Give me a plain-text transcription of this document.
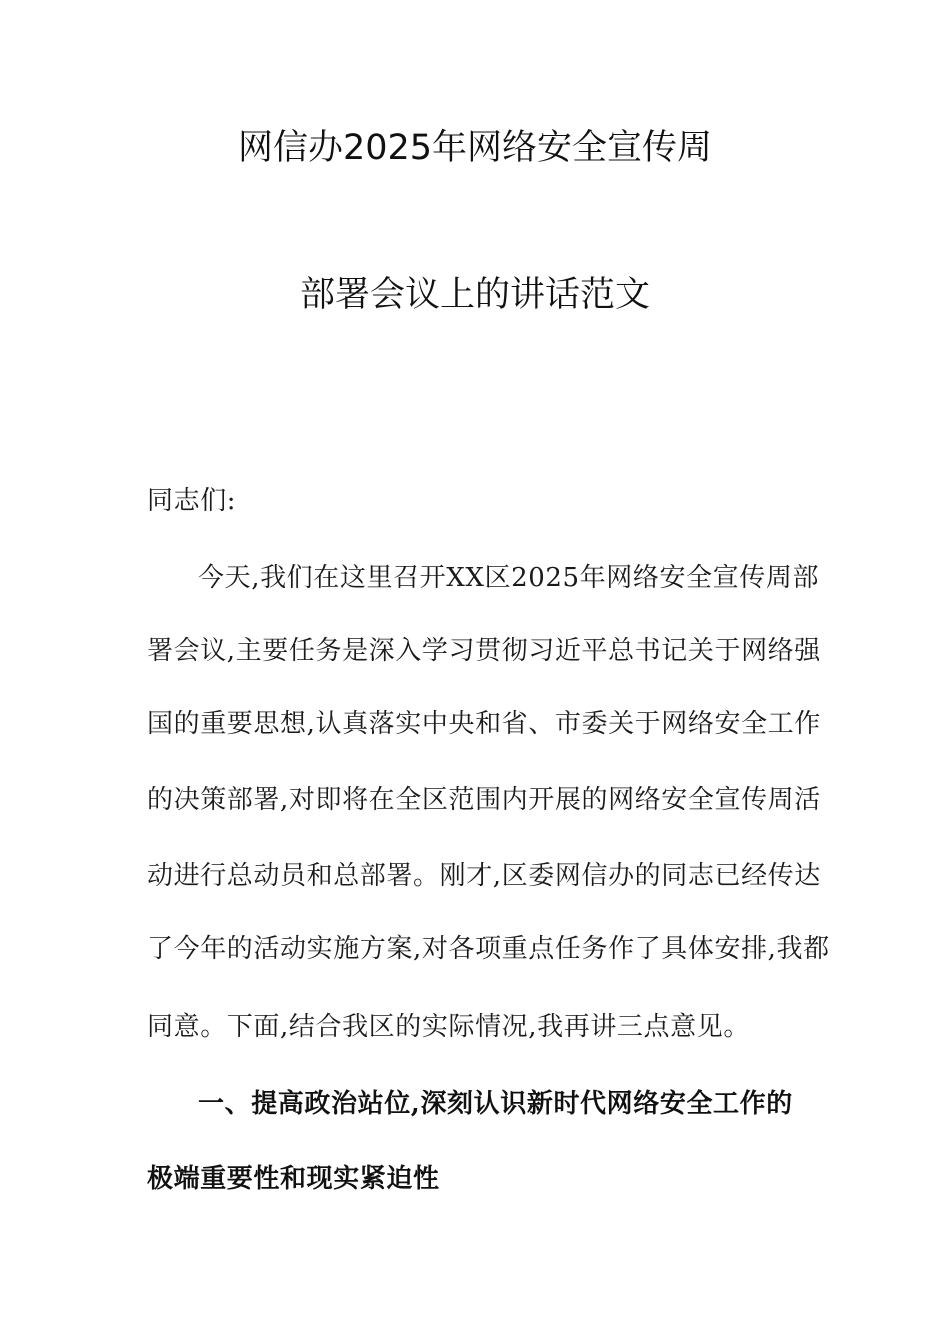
网信办2025年网络安全宣传周
部署会议上的讲话范文
同志们:
今天,我们在这里召开XX区2025年网络安全宣传周部
署会议,主要任务是深入学习贯彻习近平总书记关于网络强
国的重要思想,认真落实中央和省、市委关于网络安全工作
的决策部署,对即将在全区范围内开展的网络安全宣传周活
动进行总动员和总部署。刚才,区委网信办的同志已经传达
了今年的活动实施方案,对各项重点任务作了具体安排,我都
同意。下面,结合我区的实际情况,我再讲三点意见。
一、提高政治站位,深刻认识新时代网络安全工作的
极端重要性和现实紧迫性
